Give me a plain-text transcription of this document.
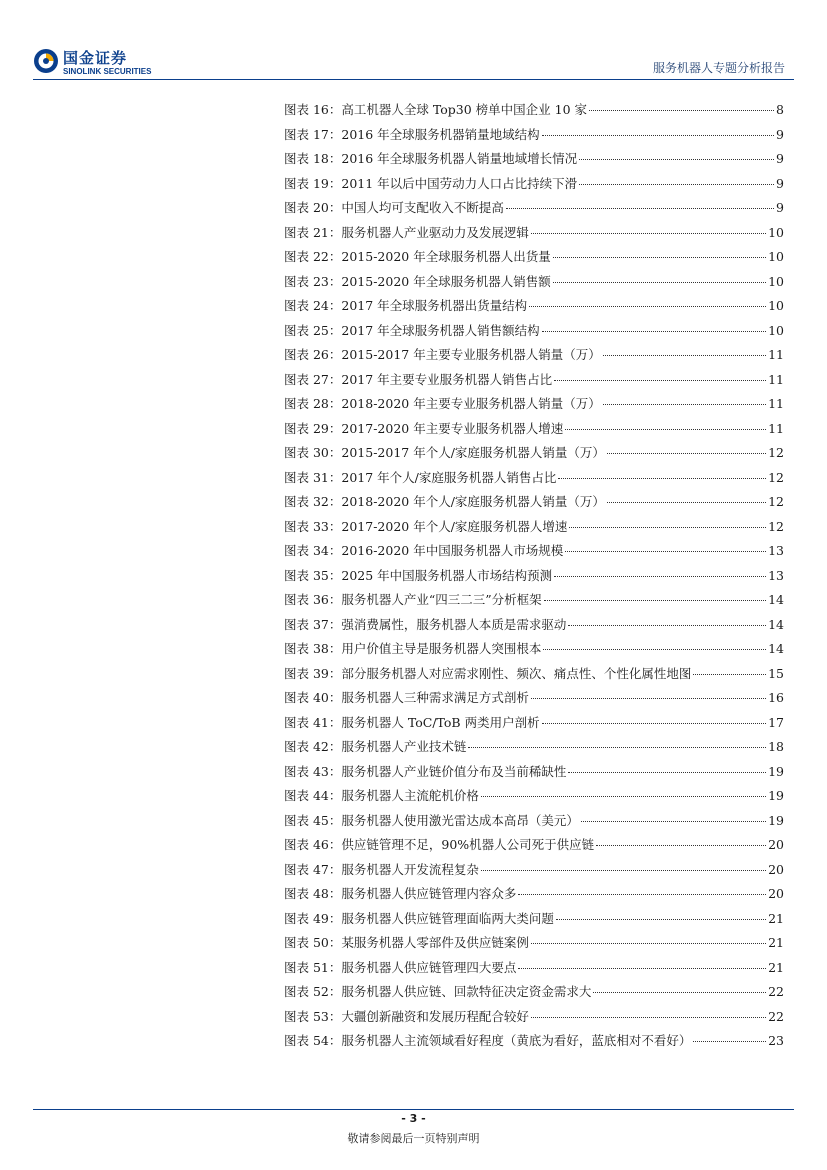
国金证券
SINOLINK SECURITIES	服务机器人专题分析报告
图表 16： 高工机器人全球 Top30 榜单中国企业 10 家	8
图表 17： 2016 年全球服务机器销量地域结构	9
图表 18： 2016 年全球服务机器人销量地域增长情况	9
图表 19： 2011 年以后中国劳动力人口占比持续下滑	9
图表 20： 中国人均可支配收入不断提高	9
图表 21： 服务机器人产业驱动力及发展逻辑	10
图表 22： 2015-2020 年全球服务机器人出货量	10
图表 23： 2015-2020 年全球服务机器人销售额	10
图表 24： 2017 年全球服务机器出货量结构	10
图表 25： 2017 年全球服务机器人销售额结构	10
图表 26： 2015-2017 年主要专业服务机器人销量（万）	11
图表 27： 2017 年主要专业服务机器人销售占比	11
图表 28： 2018-2020 年主要专业服务机器人销量（万）	11
图表 29： 2017-2020 年主要专业服务机器人增速	11
图表 30： 2015-2017 年个人/家庭服务机器人销量（万）	12
图表 31： 2017 年个人/家庭服务机器人销售占比	12
图表 32： 2018-2020 年个人/家庭服务机器人销量（万）	12
图表 33： 2017-2020 年个人/家庭服务机器人增速	12
图表 34： 2016-2020 年中国服务机器人市场规模	13
图表 35： 2025 年中国服务机器人市场结构预测	13
图表 36： 服务机器人产业“四三二三”分析框架	14
图表 37： 强消费属性，服务机器人本质是需求驱动	14
图表 38： 用户价值主导是服务机器人突围根本	14
图表 39： 部分服务机器人对应需求刚性、频次、痛点性、个性化属性地图	15
图表 40： 服务机器人三种需求满足方式剖析	16
图表 41： 服务机器人 ToC/ToB 两类用户剖析	17
图表 42： 服务机器人产业技术链	18
图表 43： 服务机器人产业链价值分布及当前稀缺性	19
图表 44： 服务机器人主流舵机价格	19
图表 45： 服务机器人使用激光雷达成本高昂（美元）	19
图表 46： 供应链管理不足，90%机器人公司死于供应链	20
图表 47： 服务机器人开发流程复杂	20
图表 48： 服务机器人供应链管理内容众多	20
图表 49： 服务机器人供应链管理面临两大类问题	21
图表 50： 某服务机器人零部件及供应链案例	21
图表 51： 服务机器人供应链管理四大要点	21
图表 52： 服务机器人供应链、回款特征决定资金需求大	22
图表 53： 大疆创新融资和发展历程配合较好	22
图表 54： 服务机器人主流领域看好程度（黄底为看好，蓝底相对不看好）	23
- 3 -
敬请参阅最后一页特别声明
